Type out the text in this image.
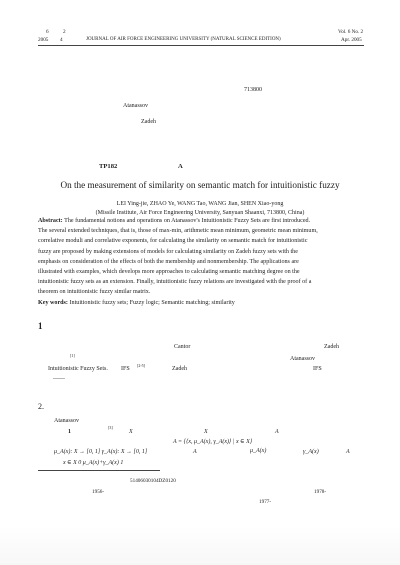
6	2
2005 4	JOURNAL OF AIR FORCE ENGINEERING UNIVERSITY (NATURAL SCIENCE EDITION)
Vol. 6 No. 2
Apr. 2005
713800
Atanassov
Zadeh
TP182	A
On the measurement of similarity on semantic match for intuitionistic fuzzy
LEI Ying-jie, ZHAO Ye, WANG Tao, WANG Jian, SHEN Xiao-yong
(Missile Institute, Air Force Engineering University, Sanyuan Shaanxi, 713800, China)
Abstract: The fundamental notions and operations on Atanassov's Intuitionistic Fuzzy Sets are first introduced.
The several extended techniques, that is, those of max-min, arithmetic mean minimum, geometric mean minimum,
correlative moduli and correlative exponents, for calculating the similarity on semantic match for intuitionistic
fuzzy are proposed by making extensions of models for calculating similarity on Zadeh fuzzy sets with the
emphasis on consideration of the effects of both the membership and nonmembership. The applications are
illustrated with examples, which develops more approaches to calculating semantic matching degree on the
intuitionistic fuzzy sets as an extension. Finally, intuitionistic fuzzy relations are investigated with the proof of a
theorem on intuitionistic fuzzy similar matrix.
Key words: Intuitionistic fuzzy sets; Fuzzy logic; Semantic matching; similarity
1
Cantor	Zadeh
[1]
Atanassov
Intuitionistic Fuzzy Sets. IFS
[2-5]
Zadeh	IFS
——
2.
Atanassov
1
[3]
X	X	A
A = {⟨x, μ_A(x), γ_A(x)⟩ | x ∈ X}
μ_A(x): X → [0, 1] γ_A(x): X → [0, 1]	A	μ_A(x)	γ_A(x)	A
x ∈ X 0 μ_A(x)+γ_A(x) 1
51406030104DZ0120
1956-	1978-
1977-
